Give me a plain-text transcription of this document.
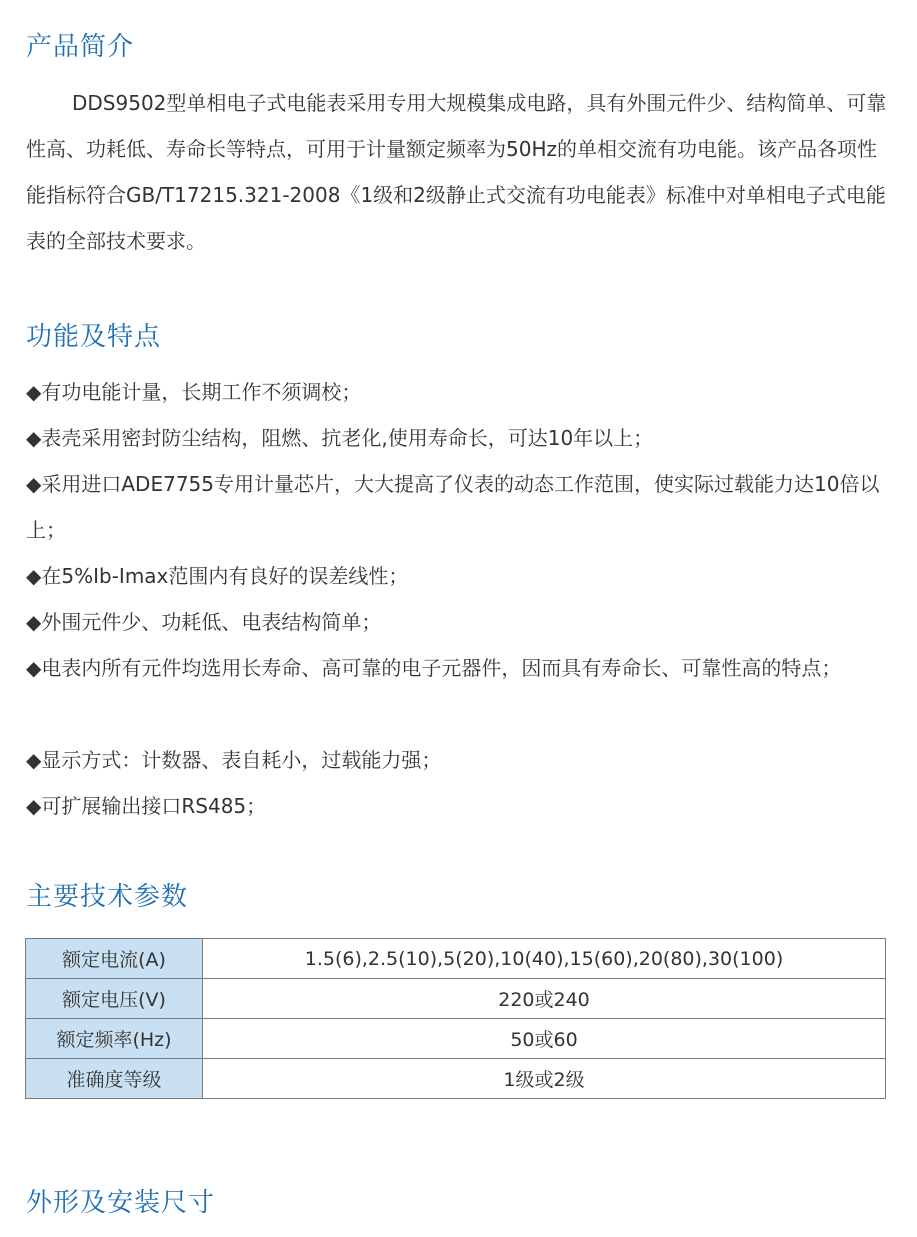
产品简介

DDS9502型单相电子式电能表采用专用大规模集成电路，具有外围元件少、结构简单、可靠性高、功耗低、寿命长等特点，可用于计量额定频率为50Hz的单相交流有功电能。该产品各项性能指标符合GB/T17215.321-2008《1级和2级静止式交流有功电能表》标准中对单相电子式电能表的全部技术要求。

功能及特点

◆有功电能计量，长期工作不须调校；

◆表壳采用密封防尘结构，阻燃、抗老化,使用寿命长，可达10年以上；

◆采用进口ADE7755专用计量芯片，大大提高了仪表的动态工作范围，使实际过载能力达10倍以上；

◆在5%Ib-Imax范围内有良好的误差线性；

◆外围元件少、功耗低、电表结构简单；

◆电表内所有元件均选用长寿命、高可靠的电子元器件，因而具有寿命长、可靠性高的特点；

◆显示方式：计数器、表自耗小，过载能力强；

◆可扩展输出接口RS485；

主要技术参数
额定电流(A)	1.5(6),2.5(10),5(20),10(40),15(60),20(80),30(100)
额定电压(V)	220或240
额定频率(Hz)	50或60
准确度等级	1级或2级
外形及安装尺寸
